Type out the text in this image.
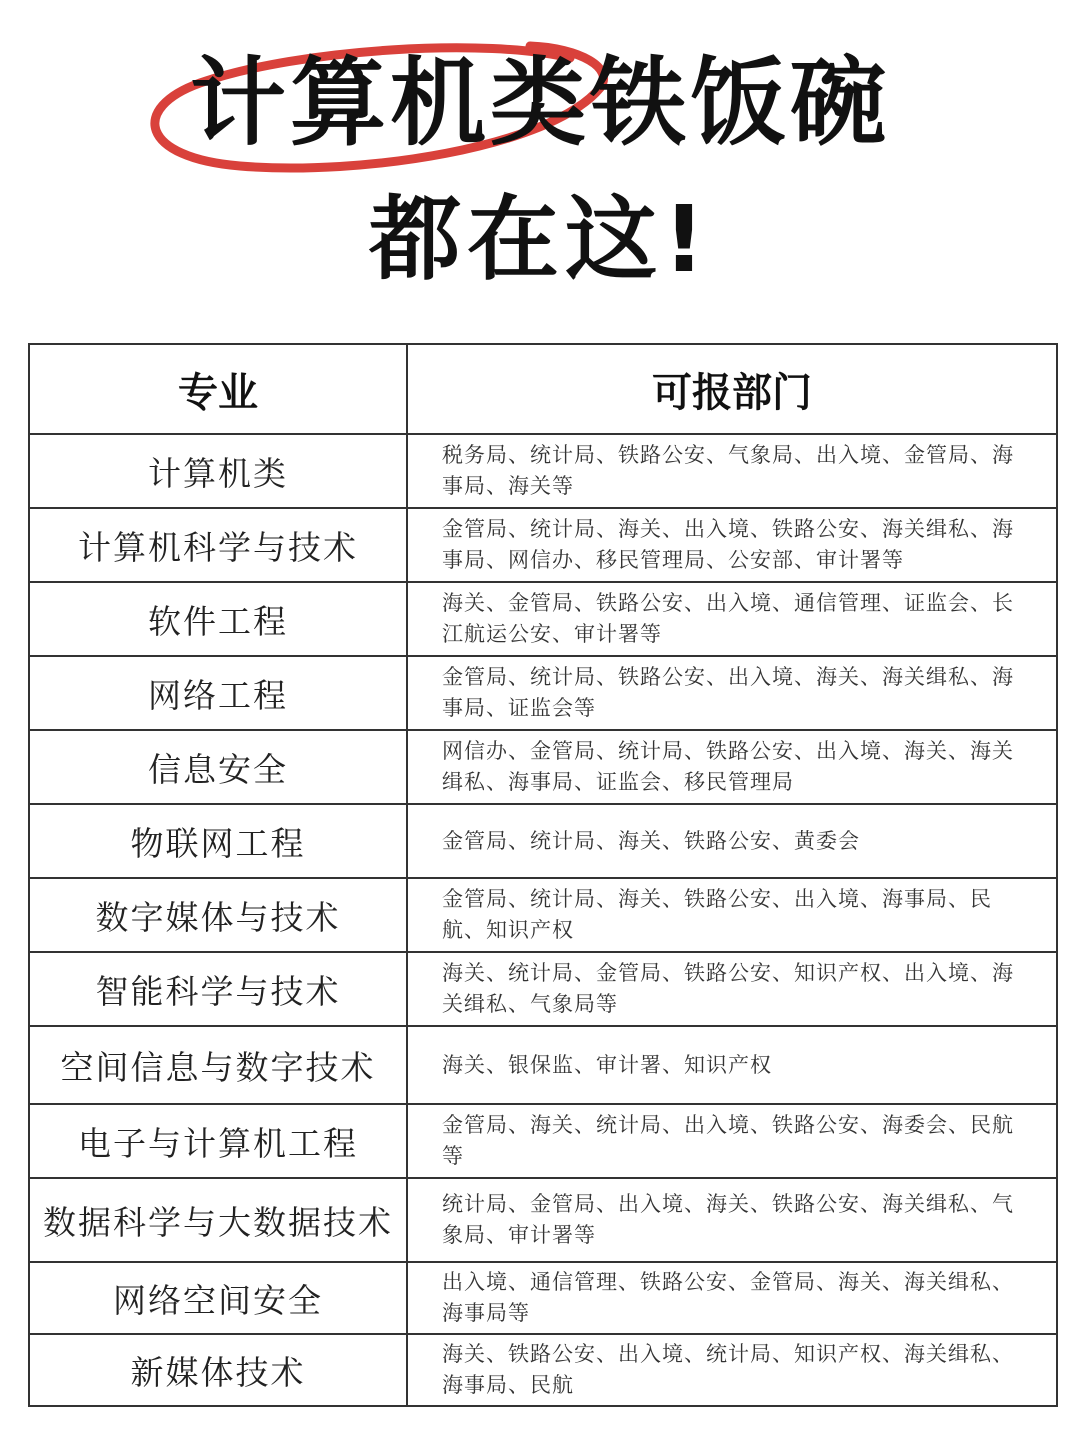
计算机类铁饭碗
都在这!
专业	可报部门
计算机类	税务局、统计局、铁路公安、气象局、出入境、金管局、海事局、海关等
计算机科学与技术	金管局、统计局、海关、出入境、铁路公安、海关缉私、海事局、网信办、移民管理局、公安部、审计署等
软件工程	海关、金管局、铁路公安、出入境、通信管理、证监会、长江航运公安、审计署等
网络工程	金管局、统计局、铁路公安、出入境、海关、海关缉私、海事局、证监会等
信息安全	网信办、金管局、统计局、铁路公安、出入境、海关、海关缉私、海事局、证监会、移民管理局
物联网工程	金管局、统计局、海关、铁路公安、黄委会
数字媒体与技术	金管局、统计局、海关、铁路公安、出入境、海事局、民航、知识产权
智能科学与技术	海关、统计局、金管局、铁路公安、知识产权、出入境、海关缉私、气象局等
空间信息与数字技术	海关、银保监、审计署、知识产权
电子与计算机工程	金管局、海关、统计局、出入境、铁路公安、海委会、民航等
数据科学与大数据技术	统计局、金管局、出入境、海关、铁路公安、海关缉私、气象局、审计署等
网络空间安全	出入境、通信管理、铁路公安、金管局、海关、海关缉私、海事局等
新媒体技术	海关、铁路公安、出入境、统计局、知识产权、海关缉私、海事局、民航
